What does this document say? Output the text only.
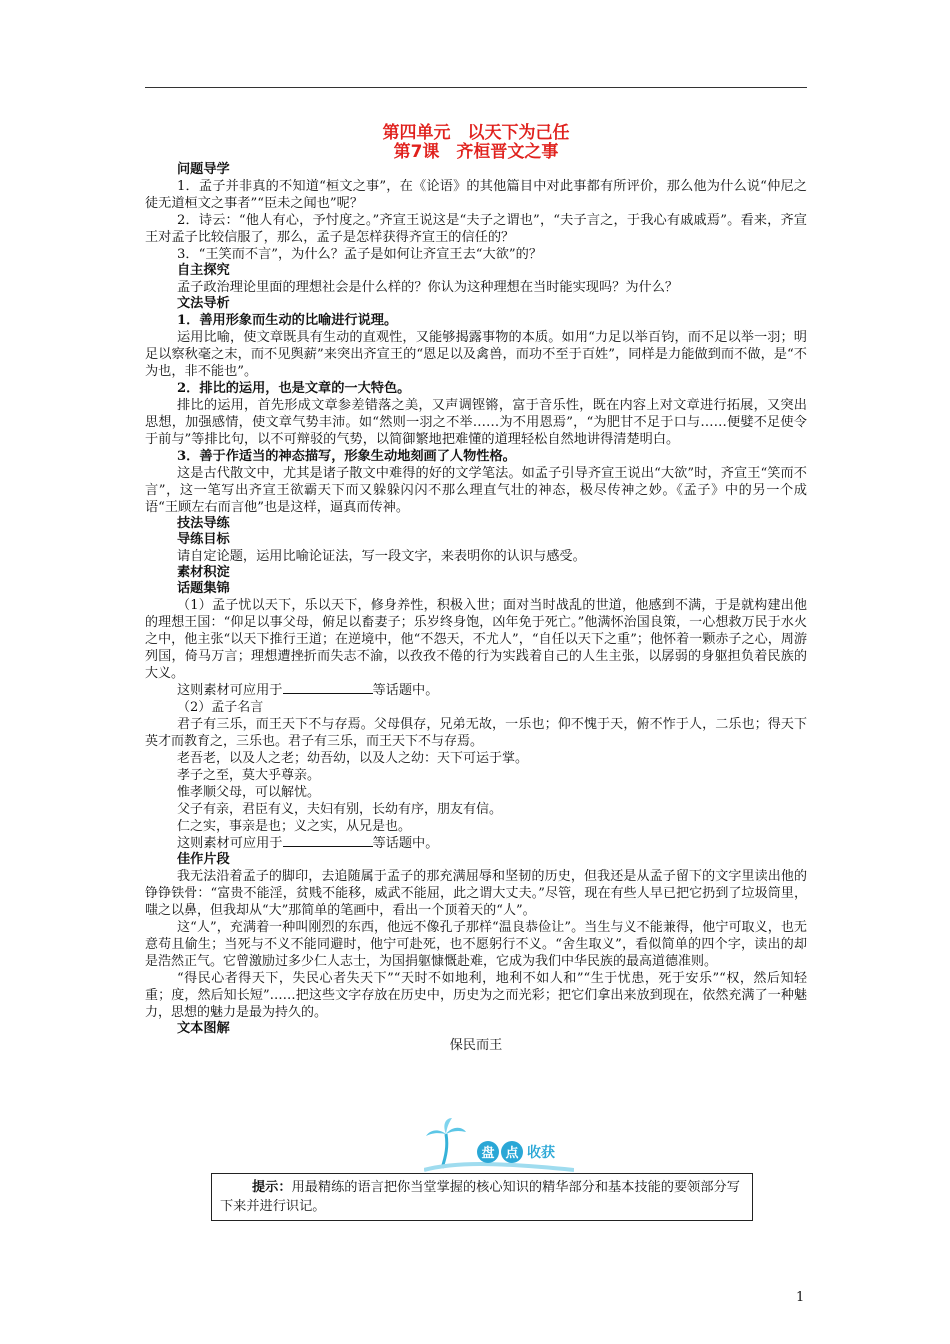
第四单元　以天下为己任
第7课　齐桓晋文之事
问题导学

1．孟子并非真的不知道“桓文之事”，在《论语》的其他篇目中对此事都有所评价，那么他为什么说“仲尼之徒无道桓文之事者”“臣未之闻也”呢？

2．诗云：“他人有心，予忖度之。”齐宣王说这是“夫子之谓也”，“夫子言之，于我心有戚戚焉”。看来，齐宣王对孟子比较信服了，那么，孟子是怎样获得齐宣王的信任的？

3．“王笑而不言”，为什么？孟子是如何让齐宣王去“大欲”的？

自主探究

孟子政治理论里面的理想社会是什么样的？你认为这种理想在当时能实现吗？为什么？

文法导析

1．善用形象而生动的比喻进行说理。

运用比喻，使文章既具有生动的直观性，又能够揭露事物的本质。如用“力足以举百钧，而不足以举一羽；明足以察秋毫之末，而不见舆薪”来突出齐宣王的“恩足以及禽兽，而功不至于百姓”，同样是力能做到而不做，是“不为也，非不能也”。

2．排比的运用，也是文章的一大特色。

排比的运用，首先形成文章参差错落之美，又声调铿锵，富于音乐性，既在内容上对文章进行拓展，又突出思想，加强感情，使文章气势丰沛。如“然则一羽之不举……为不用恩焉”，“为肥甘不足于口与……便嬖不足使令于前与”等排比句，以不可辩驳的气势，以简御繁地把难懂的道理轻松自然地讲得清楚明白。

3．善于作适当的神态描写，形象生动地刻画了人物性格。

这是古代散文中，尤其是诸子散文中难得的好的文学笔法。如孟子引导齐宣王说出“大欲”时，齐宣王“笑而不言”，这一笔写出齐宣王欲霸天下而又躲躲闪闪不那么理直气壮的神态，极尽传神之妙。《孟子》中的另一个成语“王顾左右而言他”也是这样，逼真而传神。

技法导练
导练目标

请自定论题，运用比喻论证法，写一段文字，来表明你的认识与感受。

素材积淀
话题集锦

（1）孟子忧以天下，乐以天下，修身养性，积极入世；面对当时战乱的世道，他感到不满，于是就构建出他的理想王国：“仰足以事父母，俯足以畜妻子；乐岁终身饱，凶年免于死亡。”他满怀治国良策，一心想救万民于水火之中，他主张“以天下推行王道；在逆境中，他“不怨天，不尤人”，“自任以天下之重”；他怀着一颗赤子之心，周游列国，倚马万言；理想遭挫折而失志不渝，以孜孜不倦的行为实践着自己的人生主张，以孱弱的身躯担负着民族的大义。

这则素材可应用于	等话题中。

（2）孟子名言

君子有三乐，而王天下不与存焉。父母俱存，兄弟无故，一乐也；仰不愧于天，俯不怍于人，二乐也；得天下英才而教育之，三乐也。君子有三乐，而王天下不与存焉。

老吾老，以及人之老；幼吾幼，以及人之幼：天下可运于掌。

孝子之至，莫大乎尊亲。

惟孝顺父母，可以解忧。

父子有亲，君臣有义，夫妇有别，长幼有序，朋友有信。

仁之实，事亲是也；义之实，从兄是也。

这则素材可应用于	等话题中。

佳作片段

我无法沿着孟子的脚印，去追随属于孟子的那充满屈辱和坚韧的历史，但我还是从孟子留下的文字里读出他的铮铮铁骨：“富贵不能淫，贫贱不能移，威武不能屈，此之谓大丈夫。”尽管，现在有些人早已把它扔到了垃圾筒里，嗤之以鼻，但我却从“大”那简单的笔画中，看出一个顶着天的“人”。

这“人”，充满着一种叫刚烈的东西，他远不像孔子那样“温良恭俭让”。当生与义不能兼得，他宁可取义，也无意苟且偷生；当死与不义不能同避时，他宁可赴死，也不愿躬行不义。“舍生取义”，看似简单的四个字，读出的却是浩然正气。它曾激励过多少仁人志士，为国捐躯慷慨赴难，它成为我们中华民族的最高道德准则。

“得民心者得天下，失民心者失天下”“天时不如地利，地利不如人和”“生于忧患，死于安乐”“权，然后知轻重；度，然后知长短”……把这些文字存放在历史中，历史为之而光彩；把它们拿出来放到现在，依然充满了一种魅力，思想的魅力是最为持久的。

文本图解

保民而王

盘 点 收获
提示：用最精练的语言把你当堂掌握的核心知识的精华部分和基本技能的要领部分写下来并进行识记。
1
